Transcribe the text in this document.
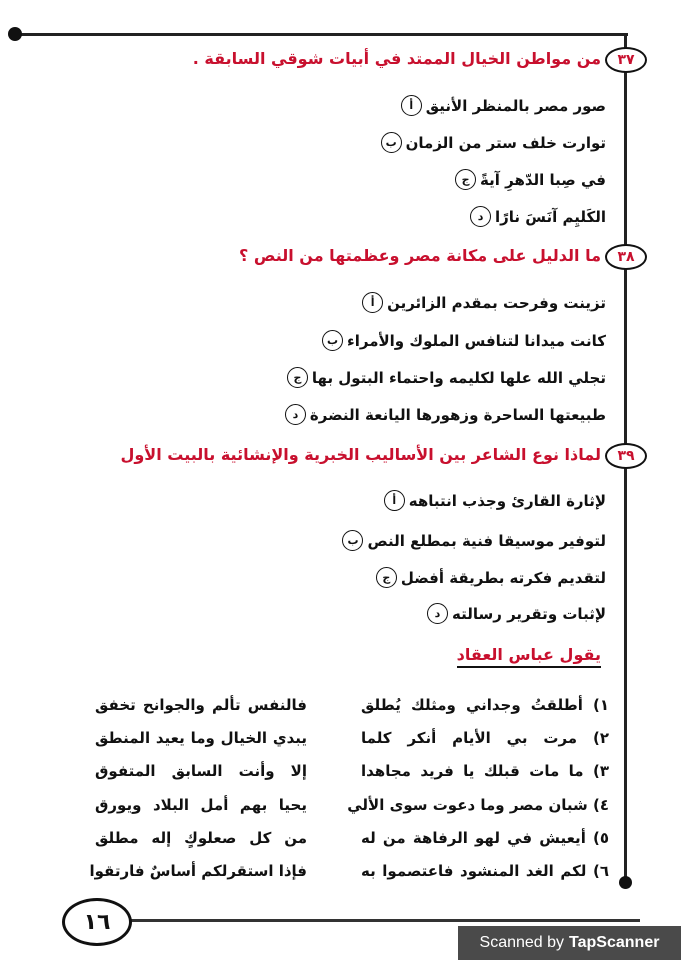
٣٧
من مواطن الخيال الممتد في أبيات شوقي السابقة .
أ صور مصر بالمنظر الأنيق
ب توارت خلف ستر من الزمان
ج في صِبا الدّهرِ آيةً
د الكَليِم آنَسَ نارًا
٣٨
ما الدليل على مكانة مصر وعظمتها من النص ؟
أ تزينت وفرحت بمقدم الزائرين
ب كانت ميدانا لتنافس الملوك والأمراء
ج تجلي الله علها لكليمه واحتماء البتول بها
د طبيعتها الساحرة وزهورها اليانعة النضرة
٣٩
لماذا نوع الشاعر بين الأساليب الخبرية والإنشائية بالبيت الأول
أ لإثارة القارئ وجذب انتباهه
ب لتوفير موسيقا فنية بمطلع النص
ج لتقديم فكرته بطريقة أفضل
د لإثبات وتقرير رسالته
يقول عباس العقاد
١) أطلقتُ وجداني ومثلك يُطلق
فالنفس تألم والجوانح تخفق
٢) مرت بي الأيام أنكر كلما
يبدي الخيال وما يعيد المنطق
٣) ما مات قبلك يا فريد مجاهدا
إلا وأنت السابق المتفوق
٤) شبان مصر وما دعوت سوى الألي
يحيا بهم أمل البلاد ويورق
٥) أيعيش في لهو الرفاهة من له
من كل صعلوكٍ إله مطلق
٦) لكم الغد المنشود فاعتصموا به
فإذا استقرلكم أساسٌ فارتقوا
١٦
Scanned by TapScanner
